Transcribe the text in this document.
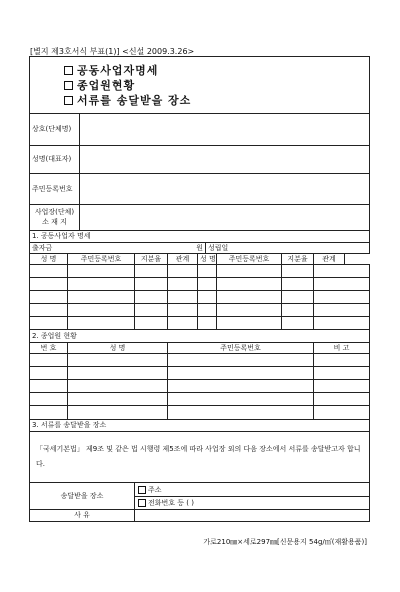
[별지 제3호서식 부표(1)] <신설 2009.3.26>
공동사업자명세
종업원현황
서류를 송달받을 장소									

상호(단체명)									
성명(대표자)									
주민등록번호									

사업장(단체)
소 재 지									

1. 공동사업자 명세									
출자금 원						성립일			
성 명	주민등록번호		지분율	관계	성 명		주민등록번호	지분율	관계

2. 종업원 현황									
번 호	성 명			주민등록번호					비 고

3. 서류를 송달받을 장소									
「국세기본법」 제9조 및 같은 법 시행령 제5조에 따라 사업장 외의 다음 장소에서 서류를 송달받고자 합니다.									
송달받을 장소			주소
전화번호 등 ( )						

사 유									
가로210㎜×세로297㎜[신문용지 54g/㎡(재활용품)]
